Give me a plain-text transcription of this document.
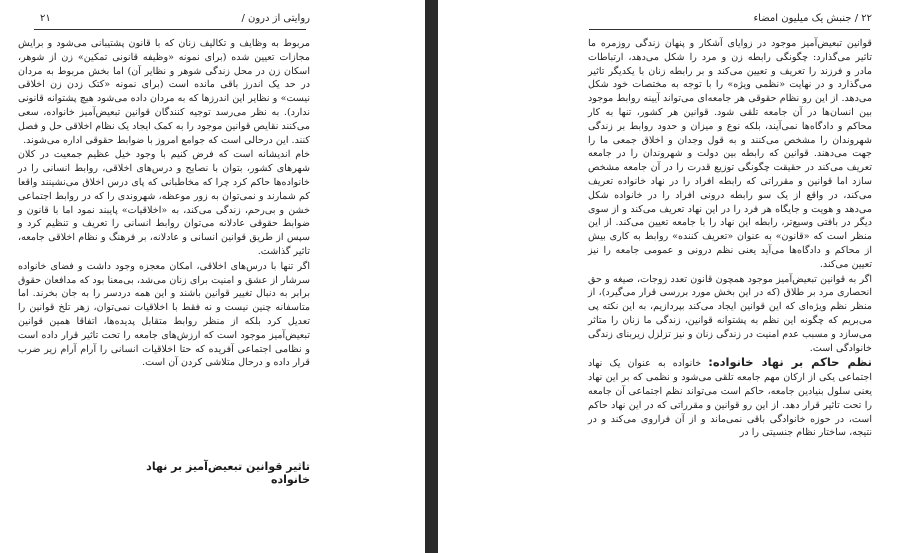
روایتی از درون /
۲۱

مربوط به وظایف و تکالیف زنان که با قانون پشتیبانی می‌شود و برایش مجازات تعیین شده (برای نمونه «وظیفه قانونی تمکین» زن از شوهر، اسکان زن در محل زندگی شوهر و نظایر آن) اما بخش مربوط به مردان در حد یک اندرز باقی مانده است (برای نمونه «کتک زدن زن اخلاقی نیست» و نظایر این اندرزها که به مردان داده می‌شود هیچ پشتوانه قانونی ندارد). به نظر می‌رسد توجیه کنندگان قوانین تبعیض‌آمیز خانواده، سعی می‌کنند نقایص قوانین موجود را به کمک ایجاد یک نظام اخلاقی حل و فصل کنند. این درحالی است که جوامع امروز با ضوابط حقوقی اداره می‌شوند.

خام اندیشانه است که فرض کنیم با وجود خیل عظیم جمعیت در کلان شهرهای کشور، بتوان با نصایح و درس‌های اخلاقی، روابط انسانی را در خانواده‌ها حاکم کرد چرا که مخاطبانی که پای درس اخلاق می‌نشینند واقعا کم شمارند و نمی‌توان به زور موعظه، شهروندی را که در روابط اجتماعی خشن و بی‌رحم، زندگی می‌کند، به «اخلاقیات» پایبند نمود اما با قانون و ضوابط حقوقی عادلانه می‌توان روابط انسانی را تعریف و تنظیم کرد و سپس از طریق قوانین انسانی و عادلانه، بر فرهنگ و نظام اخلاقی جامعه، تاثیر گذاشت.

اگر تنها با درس‌های اخلاقی، امکان معجزه وجود داشت و فضای خانواده سرشار از عشق و امنیت برای زنان می‌شد، بی‌معنا بود که مدافعان حقوق برابر به دنبال تغییر قوانین باشند و این همه دردسر را به جان بخرند. اما متاسفانه چنین نیست و نه فقط با اخلاقیات نمی‌توان، زهر تلخ قوانین را تعدیل کرد بلکه از منظر روابط متقابل پدیده‌ها، اتفاقا همین قوانین تبعیض‌آمیز موجود است که ارزش‌های جامعه را تحت تاثیر قرار داده است و نظامی اجتماعی آفریده که حتا اخلاقیات انسانی را آرام آرام زیر ضرب قرار داده و درحال متلاشی کردن آن است.

تاثیر قوانین تبعیض‌آمیز بر نهاد خانواده
۲۲ / جنبش یک میلیون امضاء

قوانین تبعیض‌آمیز موجود در زوایای آشکار و پنهان زندگی روزمره ما تاثیر می‌گذارد: چگونگی رابطه زن و مرد را شکل می‌دهد، ارتباطات مادر و فرزند را تعریف و تعیین می‌کند و بر رابطه زنان با یکدیگر تاثیر می‌گذارد و در نهایت «نظمی ویژه» را با توجه به مختصات خود شکل می‌دهد. از این رو نظام حقوقی هر جامعه‌ای می‌تواند آیینه روابط موجود بین انسان‌ها در آن جامعه تلقی شود. قوانین هر کشور، تنها به کار محاکم و دادگاه‌ها نمی‌آیند، بلکه نوع و میزان و حدود روابط بر زندگی شهروندان را مشخص می‌کنند و به قول وجدان و اخلاق جمعی ما را جهت می‌دهند. قوانین که رابطه بین دولت و شهروندان را در جامعه تعریف می‌کند در حقیقت چگونگی توزیع قدرت را در آن جامعه مشخص سازد اما قوانین و مقرراتی که رابطه افراد را در نهاد خانواده تعریف می‌کند، در واقع از یک سو رابطه درونی افراد را در خانواده شکل می‌دهد و هویت و جایگاه هر فرد را در این نهاد تعریف می‌کند و از سوی دیگر در بافتی وسیع‌تر، رابطه این نهاد را با جامعه تعیین می‌کند. از این منظر است که «قانون» به عنوان «تعریف کننده» روابط به کاری بیش از محاکم و دادگاه‌ها می‌آید یعنی نظم درونی و عمومی جامعه را نیز تعیین می‌کند.

اگر به قوانین تبعیض‌آمیز موجود همچون قانون تعدد زوجات، صیغه و حق انحصاری مرد بر طلاق (که در این بخش مورد بررسی قرار می‌گیرد)، از منظر نظم ویژه‌ای که این قوانین ایجاد می‌کند بپردازیم، به این نکته پی می‌بریم که چگونه این نظم به پشتوانه قوانین، زندگی ما زنان را متاثر می‌سازد و مسبب عدم امنیت در زندگی زنان و نیز تزلزل زیربنای زندگی خانوادگی است.

نظم حاکم بر نهاد خانواده: خانواده به عنوان یک نهاد اجتماعی یکی از ارکان مهم جامعه تلقی می‌شود و نظمی که بر این نهاد یعنی سلول بنیادین جامعه، حاکم است می‌تواند نظم اجتماعی آن جامعه را تحت تاثیر قرار دهد. از این رو قوانین و مقرراتی که در این نهاد حاکم است، در حوزه خانوادگی باقی نمی‌ماند و از آن فراروی می‌کند و در نتیجه، ساختار نظام جنسیتی را در
